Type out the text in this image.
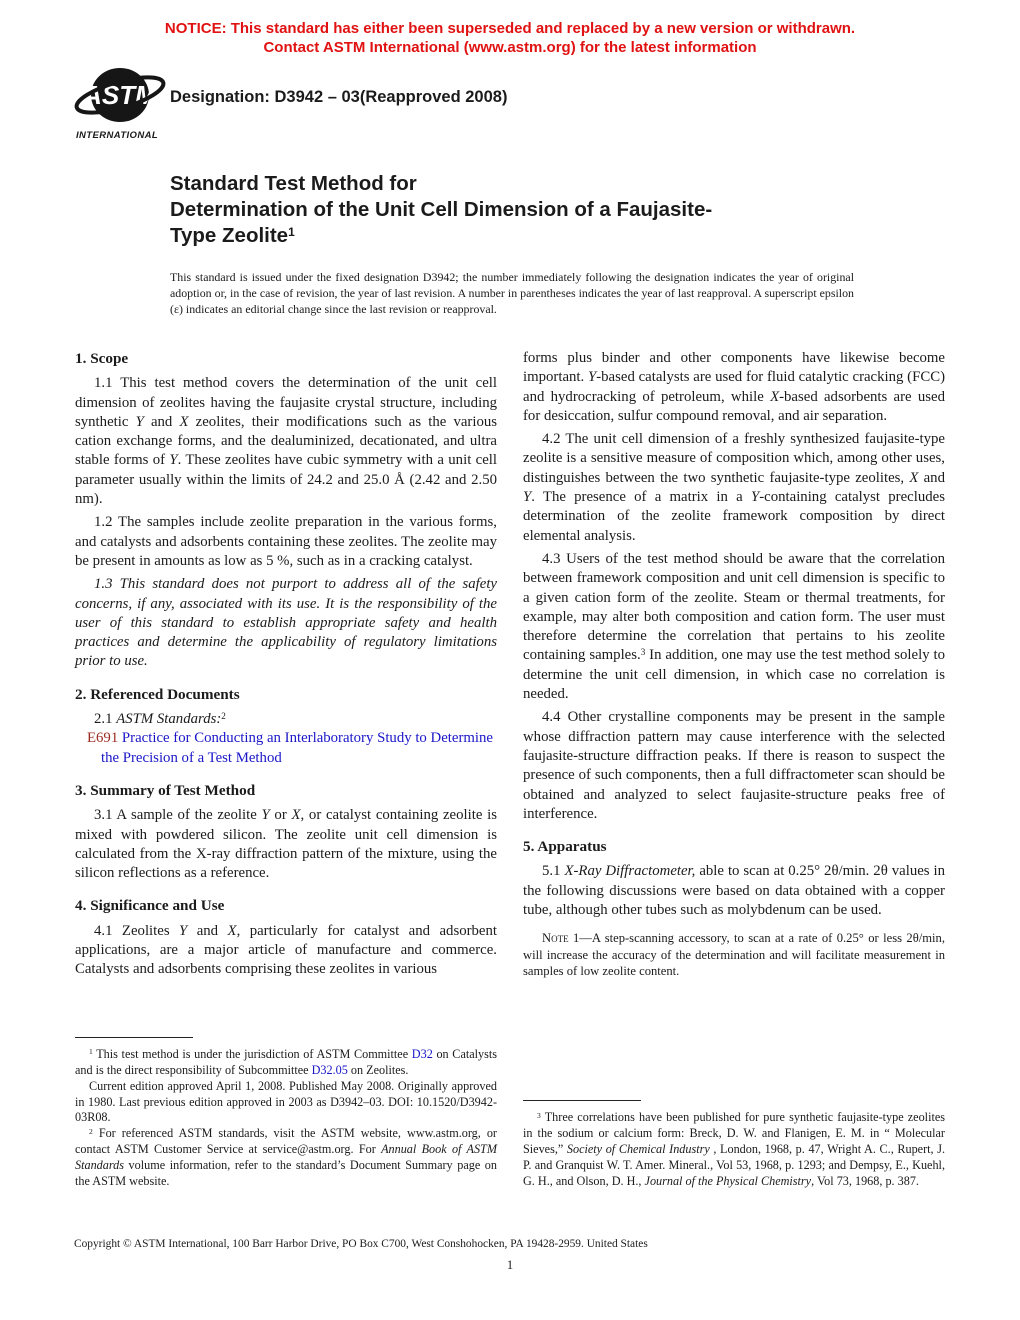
NOTICE: This standard has either been superseded and replaced by a new version or withdrawn.
Contact ASTM International (www.astm.org) for the latest information
ASTM
INTERNATIONAL
Designation: D3942 – 03(Reapproved 2008)
Standard Test Method for
Determination of the Unit Cell Dimension of a Faujasite-
Type Zeolite$^1$
This standard is issued under the fixed designation D3942; the number immediately following the designation indicates the year of original adoption or, in the case of revision, the year of last revision. A number in parentheses indicates the year of last reapproval. A superscript epsilon (ε) indicates an editorial change since the last revision or reapproval.
1. Scope

1.1 This test method covers the determination of the unit cell dimension of zeolites having the faujasite crystal structure, including synthetic Y and X zeolites, their modifications such as the various cation exchange forms, and the dealuminized, decationated, and ultra stable forms of Y. These zeolites have cubic symmetry with a unit cell parameter usually within the limits of 24.2 and 25.0 Å (2.42 and 2.50 nm).

1.2 The samples include zeolite preparation in the various forms, and catalysts and adsorbents containing these zeolites. The zeolite may be present in amounts as low as 5 %, such as in a cracking catalyst.

1.3 This standard does not purport to address all of the safety concerns, if any, associated with its use. It is the responsibility of the user of this standard to establish appropriate safety and health practices and determine the applicability of regulatory limitations prior to use.

2. Referenced Documents

2.1 ASTM Standards:$^2$

E691 Practice for Conducting an Interlaboratory Study to Determine the Precision of a Test Method

3. Summary of Test Method

3.1 A sample of the zeolite Y or X, or catalyst containing zeolite is mixed with powdered silicon. The zeolite unit cell dimension is calculated from the X-ray diffraction pattern of the mixture, using the silicon reflections as a reference.

4. Significance and Use

4.1 Zeolites Y and X, particularly for catalyst and adsorbent applications, are a major article of manufacture and commerce. Catalysts and adsorbents comprising these zeolites in various

$^1$ This test method is under the jurisdiction of ASTM Committee D32 on Catalysts and is the direct responsibility of Subcommittee D32.05 on Zeolites.

Current edition approved April 1, 2008. Published May 2008. Originally approved in 1980. Last previous edition approved in 2003 as D3942–03. DOI: 10.1520/D3942-03R08.

$^2$ For referenced ASTM standards, visit the ASTM website, www.astm.org, or contact ASTM Customer Service at service@astm.org. For Annual Book of ASTM Standards volume information, refer to the standard’s Document Summary page on the ASTM website.

forms plus binder and other components have likewise become important. Y-based catalysts are used for fluid catalytic cracking (FCC) and hydrocracking of petroleum, while X-based adsorbents are used for desiccation, sulfur compound removal, and air separation.

4.2 The unit cell dimension of a freshly synthesized faujasite-type zeolite is a sensitive measure of composition which, among other uses, distinguishes between the two synthetic faujasite-type zeolites, X and Y. The presence of a matrix in a Y-containing catalyst precludes determination of the zeolite framework composition by direct elemental analysis.

4.3 Users of the test method should be aware that the correlation between framework composition and unit cell dimension is specific to a given cation form of the zeolite. Steam or thermal treatments, for example, may alter both composition and cation form. The user must therefore determine the correlation that pertains to his zeolite containing samples.$^3$ In addition, one may use the test method solely to determine the unit cell dimension, in which case no correlation is needed.

4.4 Other crystalline components may be present in the sample whose diffraction pattern may cause interference with the selected faujasite-structure diffraction peaks. If there is reason to suspect the presence of such components, then a full diffractometer scan should be obtained and analyzed to select faujasite-structure peaks free of interference.

5. Apparatus

5.1 X-Ray Diffractometer, able to scan at 0.25° 2θ/min. 2θ values in the following discussions were based on data obtained with a copper tube, although other tubes such as molybdenum can be used.

Note 1—A step-scanning accessory, to scan at a rate of 0.25° or less 2θ/min, will increase the accuracy of the determination and will facilitate measurement in samples of low zeolite content.

$^3$ Three correlations have been published for pure synthetic faujasite-type zeolites in the sodium or calcium form: Breck, D. W. and Flanigen, E. M. in “ Molecular Sieves,” Society of Chemical Industry , London, 1968, p. 47, Wright A. C., Rupert, J. P. and Granquist W. T. Amer. Mineral., Vol 53, 1968, p. 1293; and Dempsy, E., Kuehl, G. H., and Olson, D. H., Journal of the Physical Chemistry, Vol 73, 1968, p. 387.

Copyright © ASTM International, 100 Barr Harbor Drive, PO Box C700, West Conshohocken, PA 19428-2959. United States
1
